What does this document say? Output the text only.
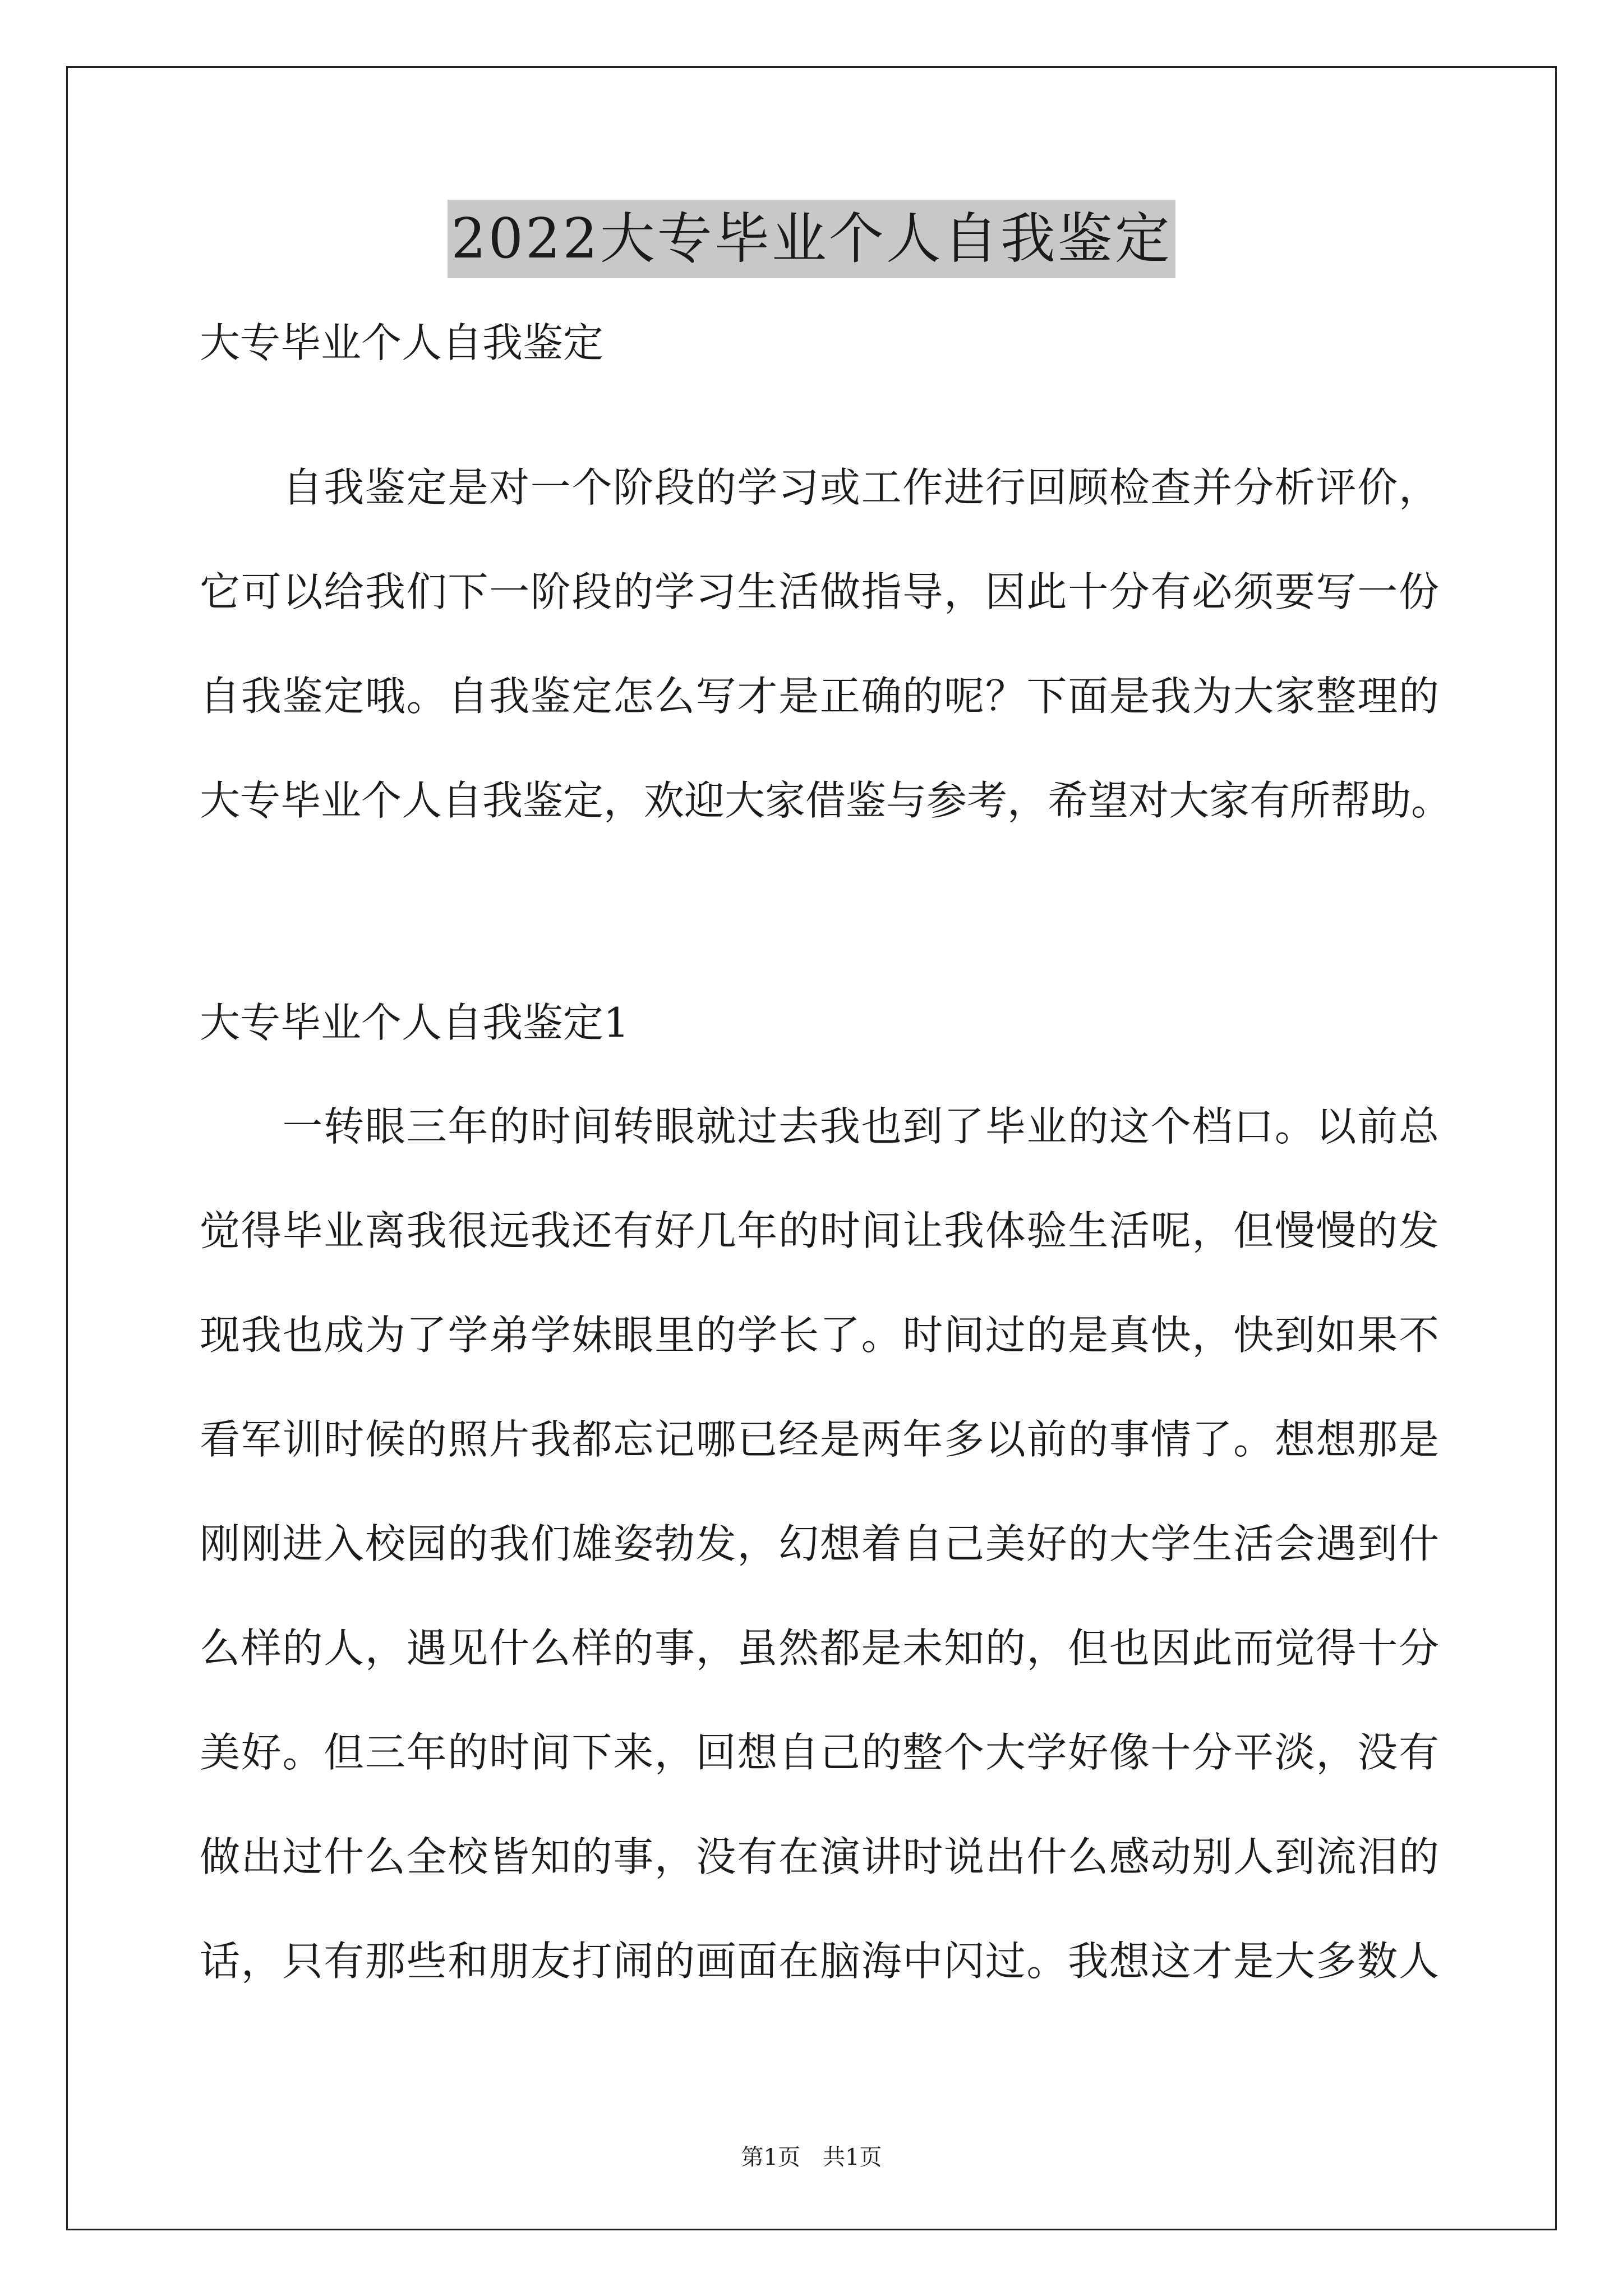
2022大专毕业个人自我鉴定
大专毕业个人自我鉴定
　　自我鉴定是对一个阶段的学习或工作进行回顾检查并分析评价，
它可以给我们下一阶段的学习生活做指导，因此十分有必须要写一份
自我鉴定哦。自我鉴定怎么写才是正确的呢？下面是我为大家整理的
大专毕业个人自我鉴定，欢迎大家借鉴与参考，希望对大家有所帮助。
大专毕业个人自我鉴定1
　　一转眼三年的时间转眼就过去我也到了毕业的这个档口。以前总
觉得毕业离我很远我还有好几年的时间让我体验生活呢，但慢慢的发
现我也成为了学弟学妹眼里的学长了。时间过的是真快，快到如果不
看军训时候的照片我都忘记哪已经是两年多以前的事情了。想想那是
刚刚进入校园的我们雄姿勃发，幻想着自己美好的大学生活会遇到什
么样的人，遇见什么样的事，虽然都是未知的，但也因此而觉得十分
美好。但三年的时间下来，回想自己的整个大学好像十分平淡，没有
做出过什么全校皆知的事，没有在演讲时说出什么感动别人到流泪的
话，只有那些和朋友打闹的画面在脑海中闪过。我想这才是大多数人
第1页　共1页
